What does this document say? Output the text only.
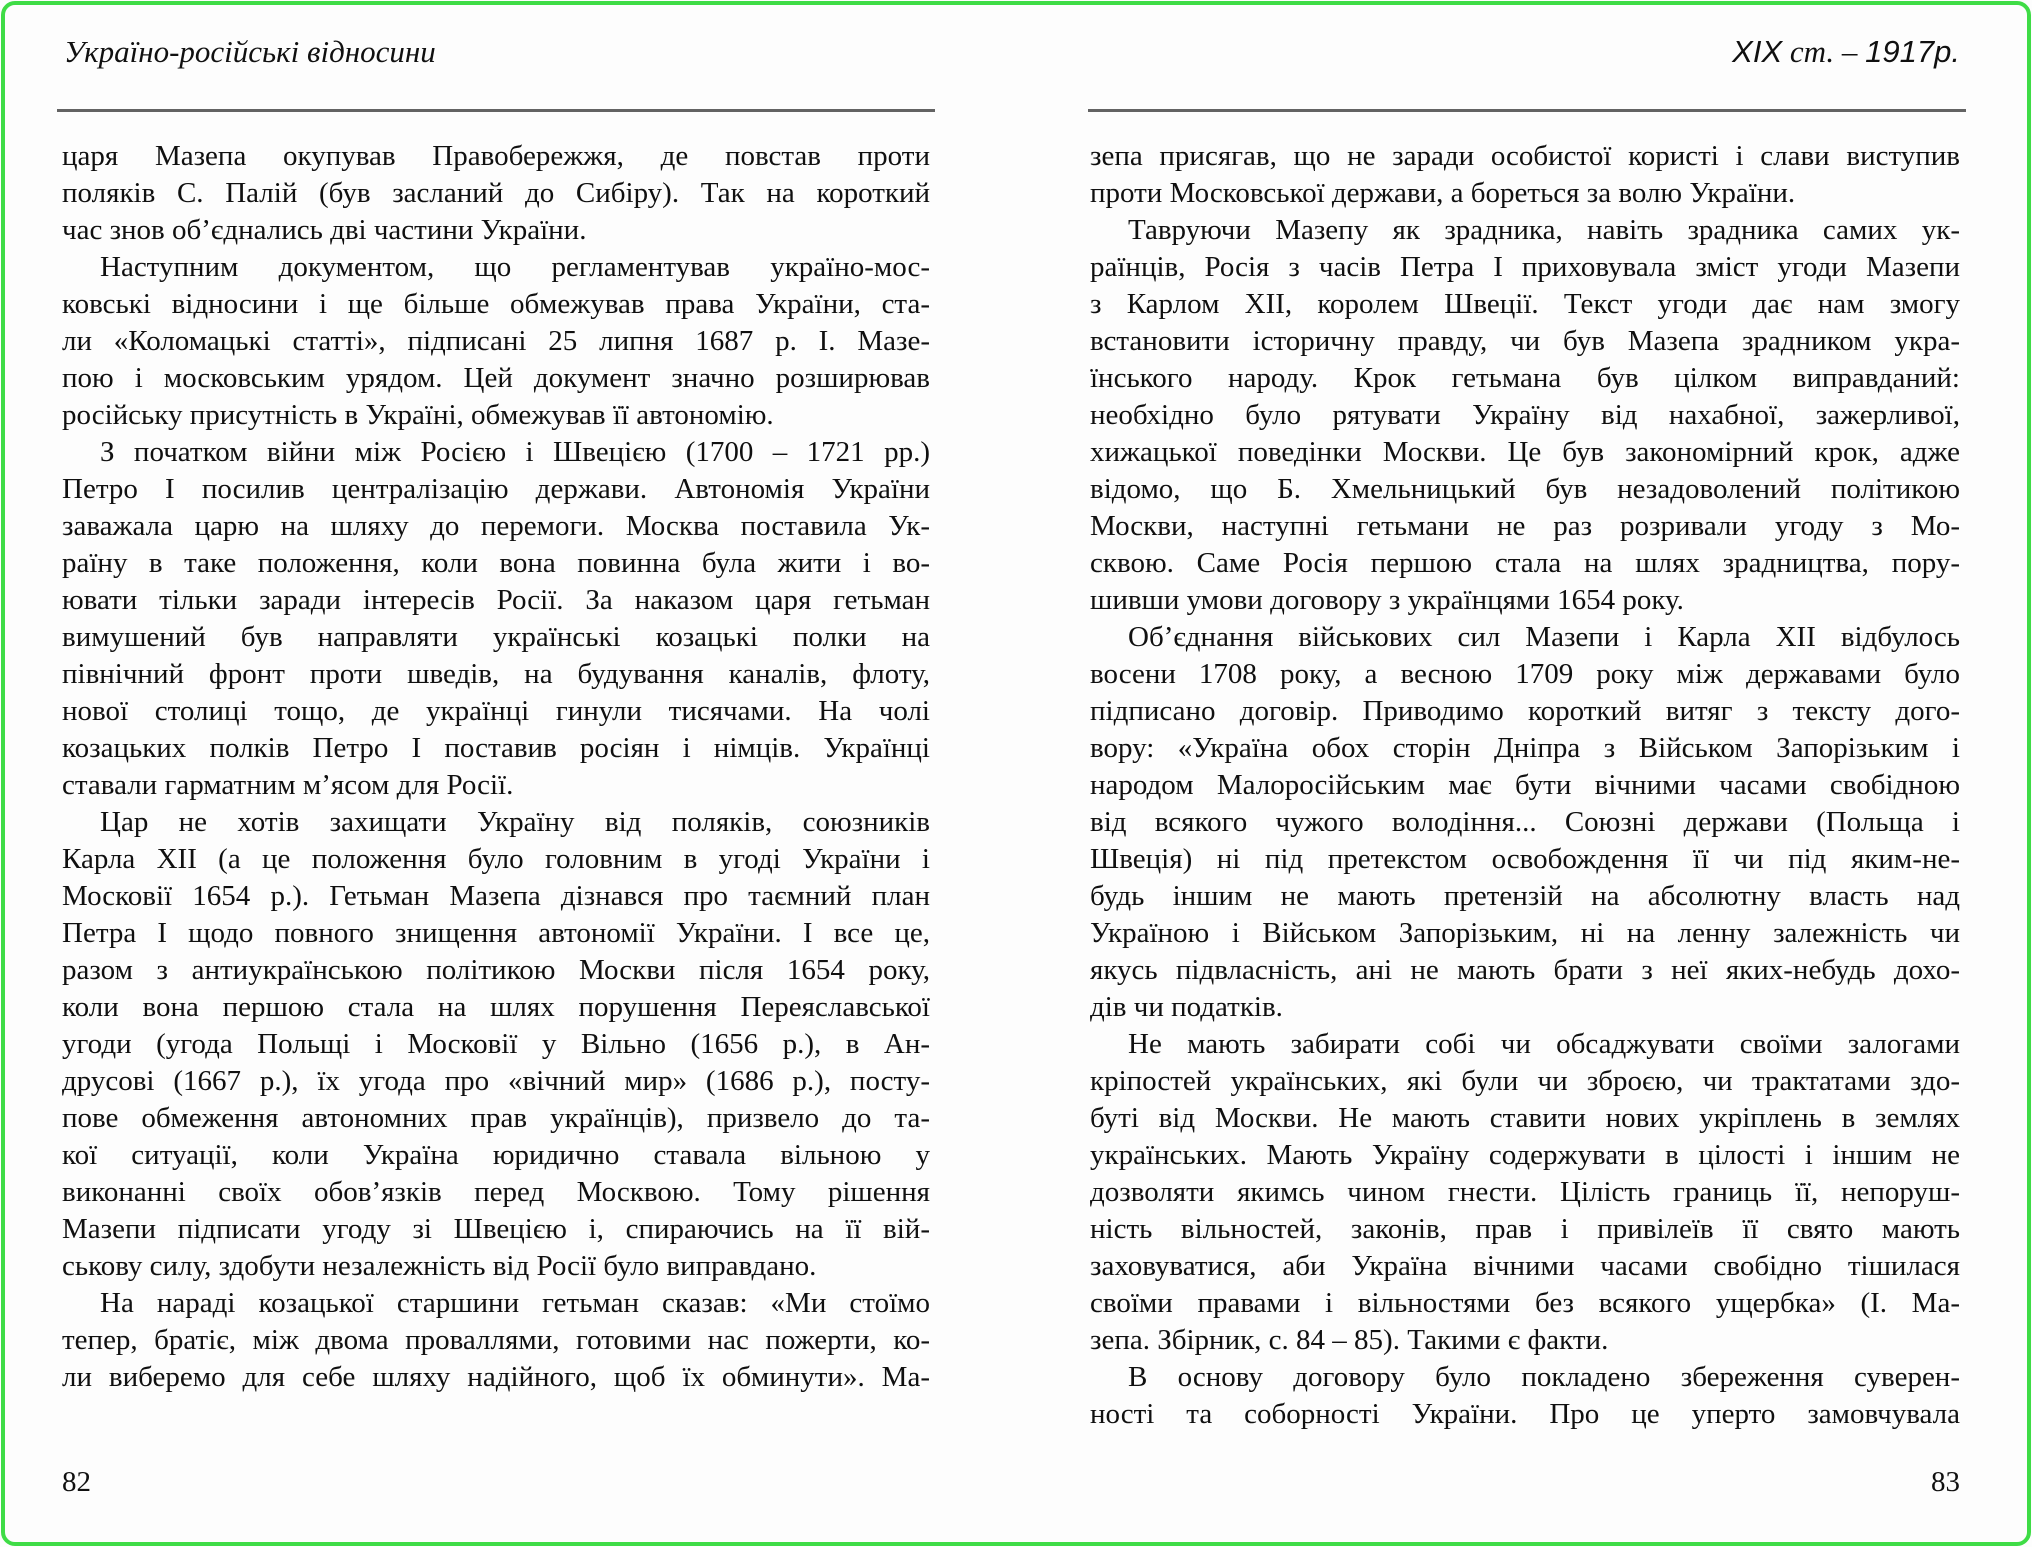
Україно-російські відносини
царя Мазепа окупував Правобережжя, де повстав проти
поляків С. Палій (був засланий до Сибіру). Так на короткий
час знов об’єднались дві частини України.
Наступним документом, що регламентував україно-мос-
ковські відносини і ще більше обмежував права України, ста-
ли «Коломацькі статті», підписані 25 липня 1687 р. І. Мазе-
пою і московським урядом. Цей документ значно розширював
російську присутність в Україні, обмежував її автономію.
З початком війни між Росією і Швецією (1700 – 1721 рр.)
Петро І посилив централізацію держави. Автономія України
заважала царю на шляху до перемоги. Москва поставила Ук-
раїну в таке положення, коли вона повинна була жити і во-
ювати тільки заради інтересів Росії. За наказом царя гетьман
вимушений був направляти українські козацькі полки на
північний фронт проти шведів, на будування каналів, флоту,
нової столиці тощо, де українці гинули тисячами. На чолі
козацьких полків Петро І поставив росіян і німців. Українці
ставали гарматним м’ясом для Росії.
Цар не хотів захищати Україну від поляків, союзників
Карла ХІІ (а це положення було головним в угоді України і
Московії 1654 р.). Гетьман Мазепа дізнався про таємний план
Петра І щодо повного знищення автономії України. І все це,
разом з антиукраїнською політикою Москви після 1654 року,
коли вона першою стала на шлях порушення Переяславської
угоди (угода Польщі і Московії у Вільно (1656 р.), в Ан-
друсові (1667 р.), їх угода про «вічний мир» (1686 р.), посту-
пове обмеження автономних прав українців), призвело до та-
кої ситуації, коли Україна юридично ставала вільною у
виконанні своїх обов’язків перед Москвою. Тому рішення
Мазепи підписати угоду зі Швецією і, спираючись на її вій-
ськову силу, здобути незалежність від Росії було виправдано.
На нараді козацької старшини гетьман сказав: «Ми стоїмо
тепер, братіє, між двома проваллями, готовими нас пожерти, ко-
ли виберемо для себе шляху надійного, щоб їх обминути». Ма-
82
XIX ст. – 1917р.
зепа присягав, що не заради особистої користі і слави виступив
проти Московської держави, а бореться за волю України.
Тавруючи Мазепу як зрадника, навіть зрадника самих ук-
раїнців, Росія з часів Петра І приховувала зміст угоди Мазепи
з Карлом ХІІ, королем Швеції. Текст угоди дає нам змогу
встановити історичну правду, чи був Мазепа зрадником укра-
їнського народу. Крок гетьмана був цілком виправданий:
необхідно було рятувати Україну від нахабної, зажерливої,
хижацької поведінки Москви. Це був закономірний крок, адже
відомо, що Б. Хмельницький був незадоволений політикою
Москви, наступні гетьмани не раз розривали угоду з Мо-
сквою. Саме Росія першою стала на шлях зрадництва, пору-
шивши умови договору з українцями 1654 року.
Об’єднання військових сил Мазепи і Карла ХІІ відбулось
восени 1708 року, а весною 1709 року між державами було
підписано договір. Приводимо короткий витяг з тексту дого-
вору: «Україна обох сторін Дніпра з Військом Запорізьким і
народом Малоросійським має бути вічними часами свобідною
від всякого чужого володіння... Союзні держави (Польща і
Швеція) ні під претекстом освобождення її чи під яким-не-
будь іншим не мають претензій на абсолютну власть над
Україною і Військом Запорізьким, ні на ленну залежність чи
якусь підвласність, ані не мають брати з неї яких-небудь дохо-
дів чи податків.
Не мають забирати собі чи обсаджувати своїми залогами
кріпостей українських, які були чи зброєю, чи трактатами здо-
буті від Москви. Не мають ставити нових укріплень в землях
українських. Мають Україну содержувати в цілості і іншим не
дозволяти якимсь чином гнести. Цілість границь її, непоруш-
ність вільностей, законів, прав і привілеїв її свято мають
заховуватися, аби Україна вічними часами свобідно тішилася
своїми правами і вільностями без всякого ущербка» (І. Ма-
зепа. Збірник, с. 84 – 85). Такими є факти.
В основу договору було покладено збереження суверен-
ності та соборності України. Про це уперто замовчувала
83
